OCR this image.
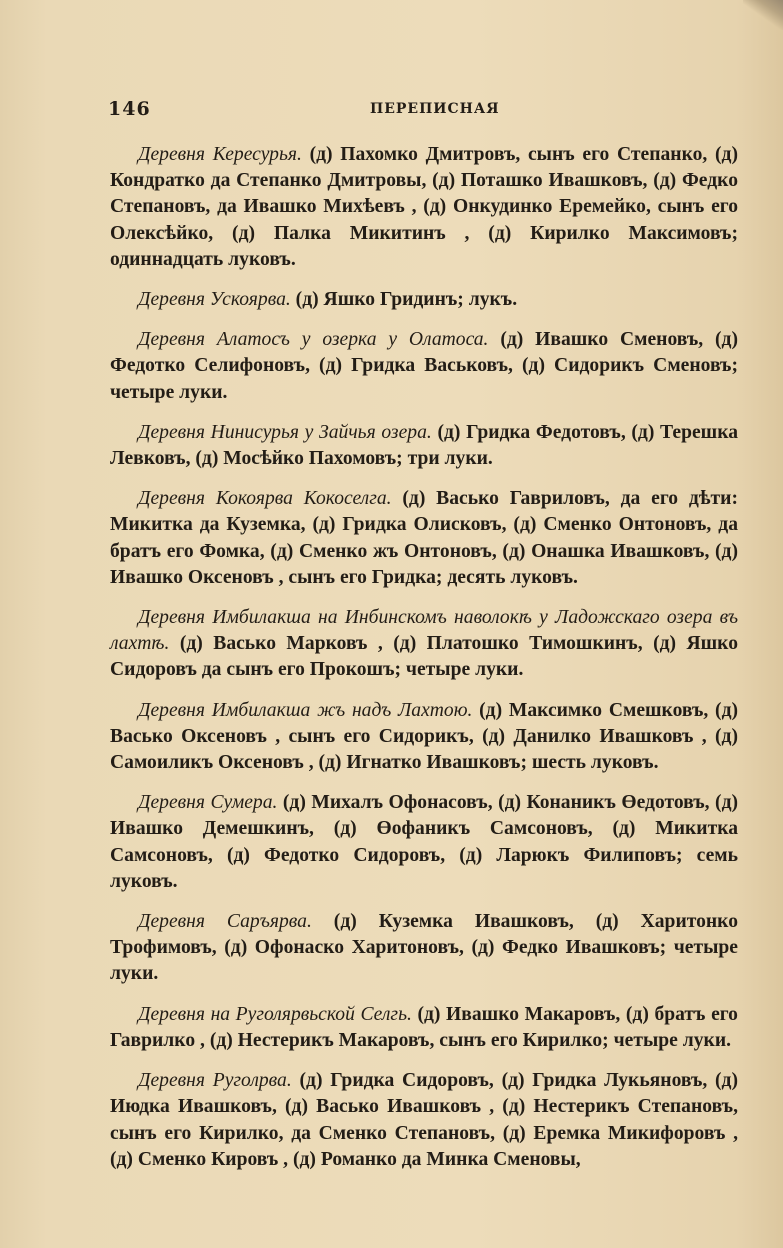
146	ПЕРЕПИСНАЯ

Деревня Кересурья. (д) Пахомко Дмитровъ, сынъ его Степанко, (д) Кондратко да Степанко Дмитровы, (д) Поташко Ивашковъ, (д) Федко Степановъ, да Ивашко Михѣевъ , (д) Онкудинко Еремейко, сынъ его Олексѣйко, (д) Палка Микитинъ , (д) Кирилко Максимовъ; одиннадцать луковъ.

Деревня Ускоярва. (д) Яшко Гридинъ; лукъ.

Деревня Алатосъ у озерка у Олатоса. (д) Ивашко Сменовъ, (д) Федотко Селифоновъ, (д) Гридка Васьковъ, (д) Сидорикъ Сменовъ; четыре луки.

Деревня Нинисурья у Зайчья озера. (д) Гридка Федотовъ, (д) Терешка Левковъ, (д) Мосѣйко Пахомовъ; три луки.

Деревня Кокоярва Кокоселга. (д) Васько Гавриловъ, да его дѣти: Микитка да Куземка, (д) Гридка Олисковъ, (д) Сменко Онтоновъ, да братъ его Фомка, (д) Сменко жъ Онтоновъ, (д) Онашка Ивашковъ, (д) Ивашко Оксеновъ , сынъ его Гридка; десять луковъ.

Деревня Имбилакша на Инбинскомъ наволокѣ у Ладожскаго озера въ лахтѣ. (д) Васько Марковъ , (д) Платошко Тимошкинъ, (д) Яшко Сидоровъ да сынъ его Прокошъ; четыре луки.

Деревня Имбилакша жъ надъ Лахтою. (д) Максимко Смешковъ, (д) Васько Оксеновъ , сынъ его Сидорикъ, (д) Данилко Ивашковъ , (д) Самоиликъ Оксеновъ , (д) Игнатко Ивашковъ; шесть луковъ.

Деревня Сумера. (д) Михалъ Офонасовъ, (д) Конаникъ Өедотовъ, (д) Ивашко Демешкинъ, (д) Өофаникъ Самсоновъ, (д) Микитка Самсоновъ, (д) Федотко Сидоровъ, (д) Ларюкъ Филиповъ; семь луковъ.

Деревня Саръярва. (д) Куземка Ивашковъ, (д) Харитонко Трофимовъ, (д) Офонаско Харитоновъ, (д) Федко Ивашковъ; четыре луки.

Деревня на Руголярвьской Селгь. (д) Ивашко Макаровъ, (д) братъ его Гаврилко , (д) Нестерикъ Макаровъ, сынъ его Кирилко; четыре луки.

Деревня Руголрва. (д) Гридка Сидоровъ, (д) Гридка Лукьяновъ, (д) Июдка Ивашковъ, (д) Васько Ивашковъ , (д) Нестерикъ Степановъ, сынъ его Кирилко, да Сменко Степановъ, (д) Еремка Микифоровъ , (д) Сменко Кировъ , (д) Романко да Минка Сменовы,
